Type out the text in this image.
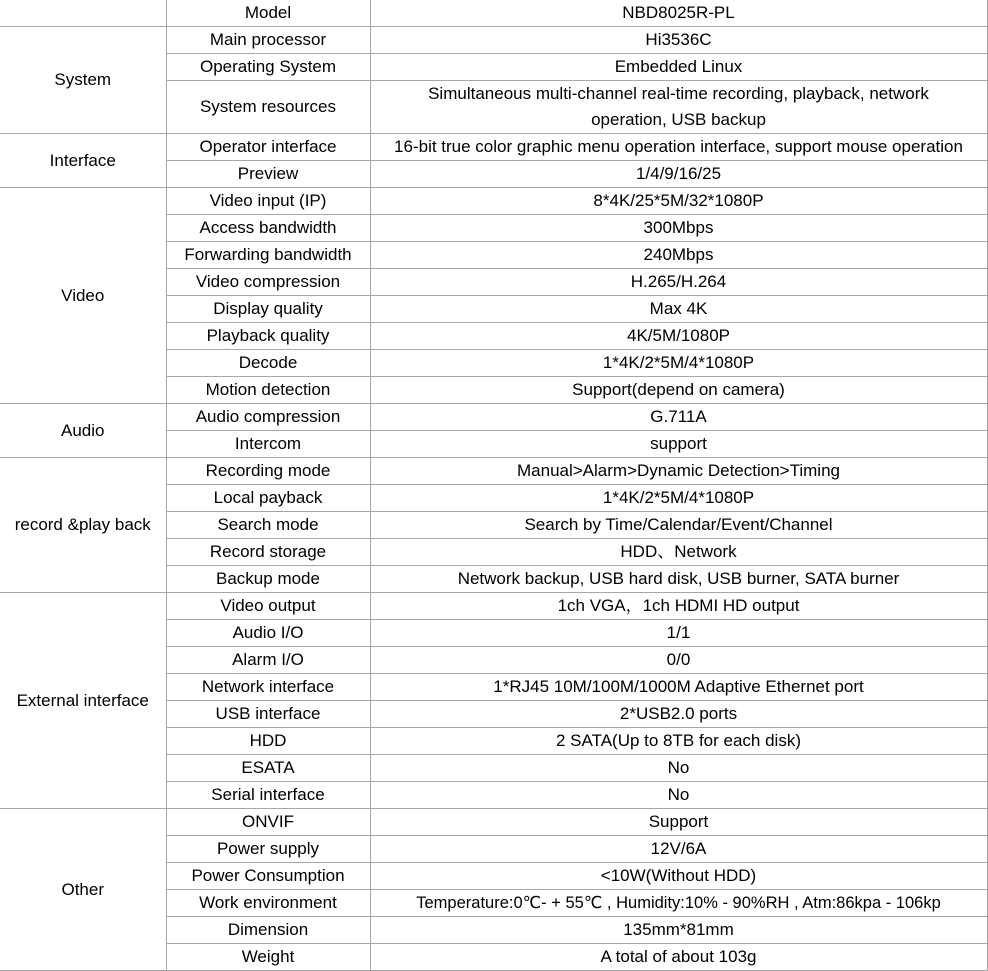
	Model	NBD8025R-PL
System	Main processor	Hi3536C
	Operating System	Embedded Linux
	System resources	Simultaneous multi-channel real-time recording, playback, network operation, USB backup
Interface	Operator interface	16-bit true color graphic menu operation interface, support mouse operation
	Preview	1/4/9/16/25
Video	Video input (IP)	8*4K/25*5M/32*1080P
	Access bandwidth	300Mbps
	Forwarding bandwidth	240Mbps
	Video compression	H.265/H.264
	Display quality	Max 4K
	Playback quality	4K/5M/1080P
	Decode	1*4K/2*5M/4*1080P
	Motion detection	Support(depend on camera)
Audio	Audio compression	G.711A
	Intercom	support
record &play back	Recording mode	Manual>Alarm>Dynamic Detection>Timing
	Local payback	1*4K/2*5M/4*1080P
	Search mode	Search by Time/Calendar/Event/Channel
	Record storage	HDD、Network
	Backup mode	Network backup, USB hard disk, USB burner, SATA burner
External interface	Video output	1ch VGA，1ch HDMI HD output
	Audio I/O	1/1
	Alarm I/O	0/0
	Network interface	1*RJ45 10M/100M/1000M Adaptive Ethernet port
	USB interface	2*USB2.0 ports
	HDD	2 SATA(Up to 8TB for each disk)
	ESATA	No
	Serial interface	No
Other	ONVIF	Support
	Power supply	12V/6A
	Power Consumption	<10W(Without HDD)
	Work environment	Temperature:0℃- + 55℃ , Humidity:10% - 90%RH , Atm:86kpa - 106kp
	Dimension	135mm*81mm
	Weight	A total of about 103g
